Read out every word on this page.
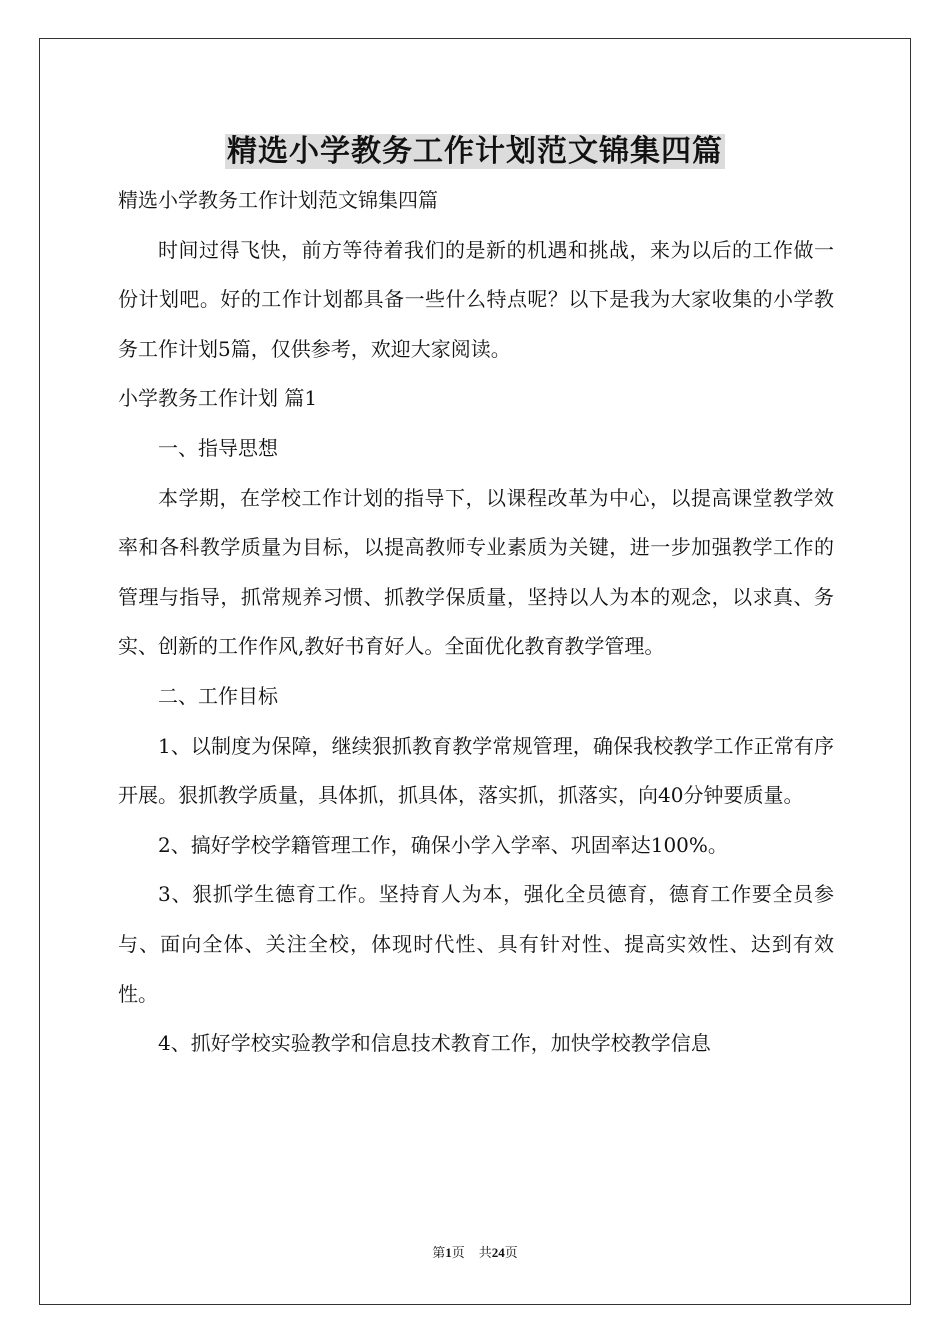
精选小学教务工作计划范文锦集四篇

精选小学教务工作计划范文锦集四篇

时间过得飞快，前方等待着我们的是新的机遇和挑战，来为以后的工作做一份计划吧。好的工作计划都具备一些什么特点呢？以下是我为大家收集的小学教务工作计划5篇，仅供参考，欢迎大家阅读。

小学教务工作计划 篇1

一、指导思想

本学期，在学校工作计划的指导下，以课程改革为中心，以提高课堂教学效率和各科教学质量为目标，以提高教师专业素质为关键，进一步加强教学工作的管理与指导，抓常规养习惯、抓教学保质量，坚持以人为本的观念，以求真、务实、创新的工作作风,教好书育好人。全面优化教育教学管理。

二、工作目标

1、以制度为保障，继续狠抓教育教学常规管理，确保我校教学工作正常有序开展。狠抓教学质量，具体抓，抓具体，落实抓，抓落实，向40分钟要质量。

2、搞好学校学籍管理工作，确保小学入学率、巩固率达100%。

3、狠抓学生德育工作。坚持育人为本，强化全员德育，德育工作要全员参与、面向全体、关注全校，体现时代性、具有针对性、提高实效性、达到有效性。

4、抓好学校实验教学和信息技术教育工作，加快学校教学信息

第1页 共24页
